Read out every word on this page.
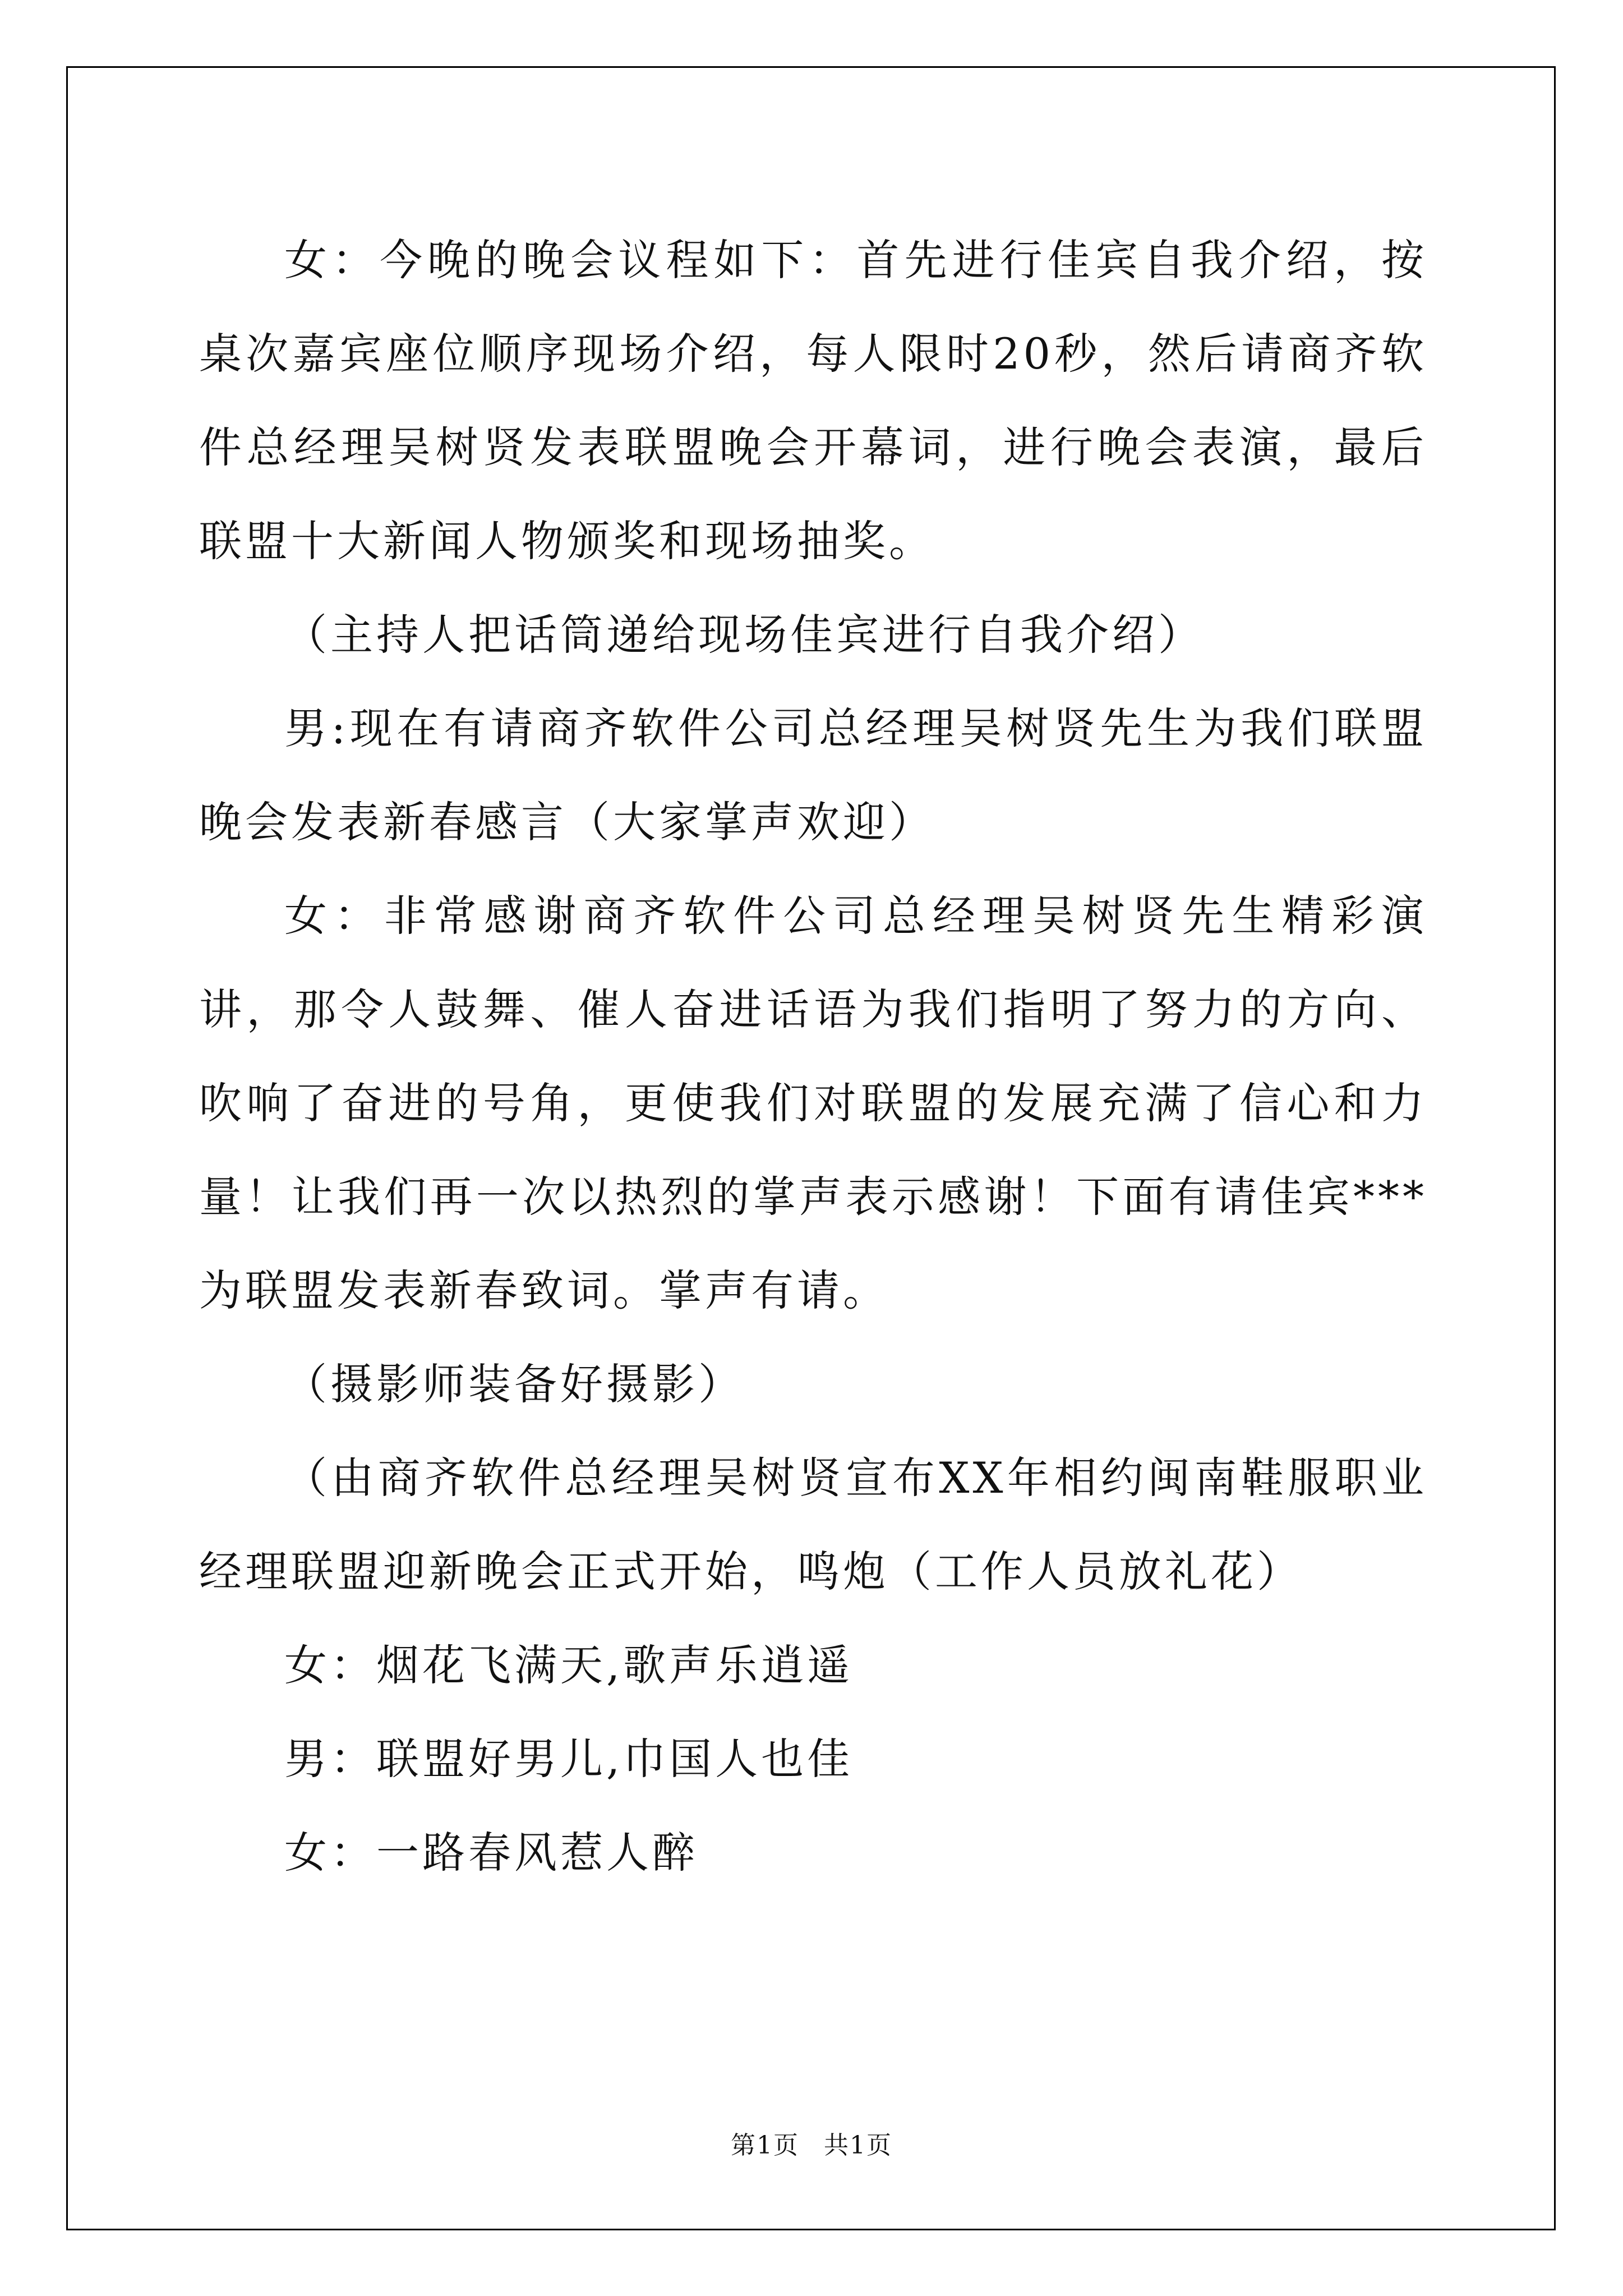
女：今晚的晚会议程如下：首先进行佳宾自我介绍，按桌次嘉宾座位顺序现场介绍，每人限时20秒，然后请商齐软件总经理吴树贤发表联盟晚会开幕词，进行晚会表演，最后联盟十大新闻人物颁奖和现场抽奖。

（主持人把话筒递给现场佳宾进行自我介绍）

男:现在有请商齐软件公司总经理吴树贤先生为我们联盟晚会发表新春感言（大家掌声欢迎）

女：非常感谢商齐软件公司总经理吴树贤先生精彩演讲，那令人鼓舞、催人奋进话语为我们指明了努力的方向、吹响了奋进的号角，更使我们对联盟的发展充满了信心和力量！让我们再一次以热烈的掌声表示感谢！下面有请佳宾***为联盟发表新春致词。掌声有请。

（摄影师装备好摄影）

（由商齐软件总经理吴树贤宣布XX年相约闽南鞋服职业经理联盟迎新晚会正式开始，鸣炮（工作人员放礼花）

女：烟花飞满天,歌声乐逍遥

男：联盟好男儿,巾国人也佳

女：一路春风惹人醉

第1页 共1页
